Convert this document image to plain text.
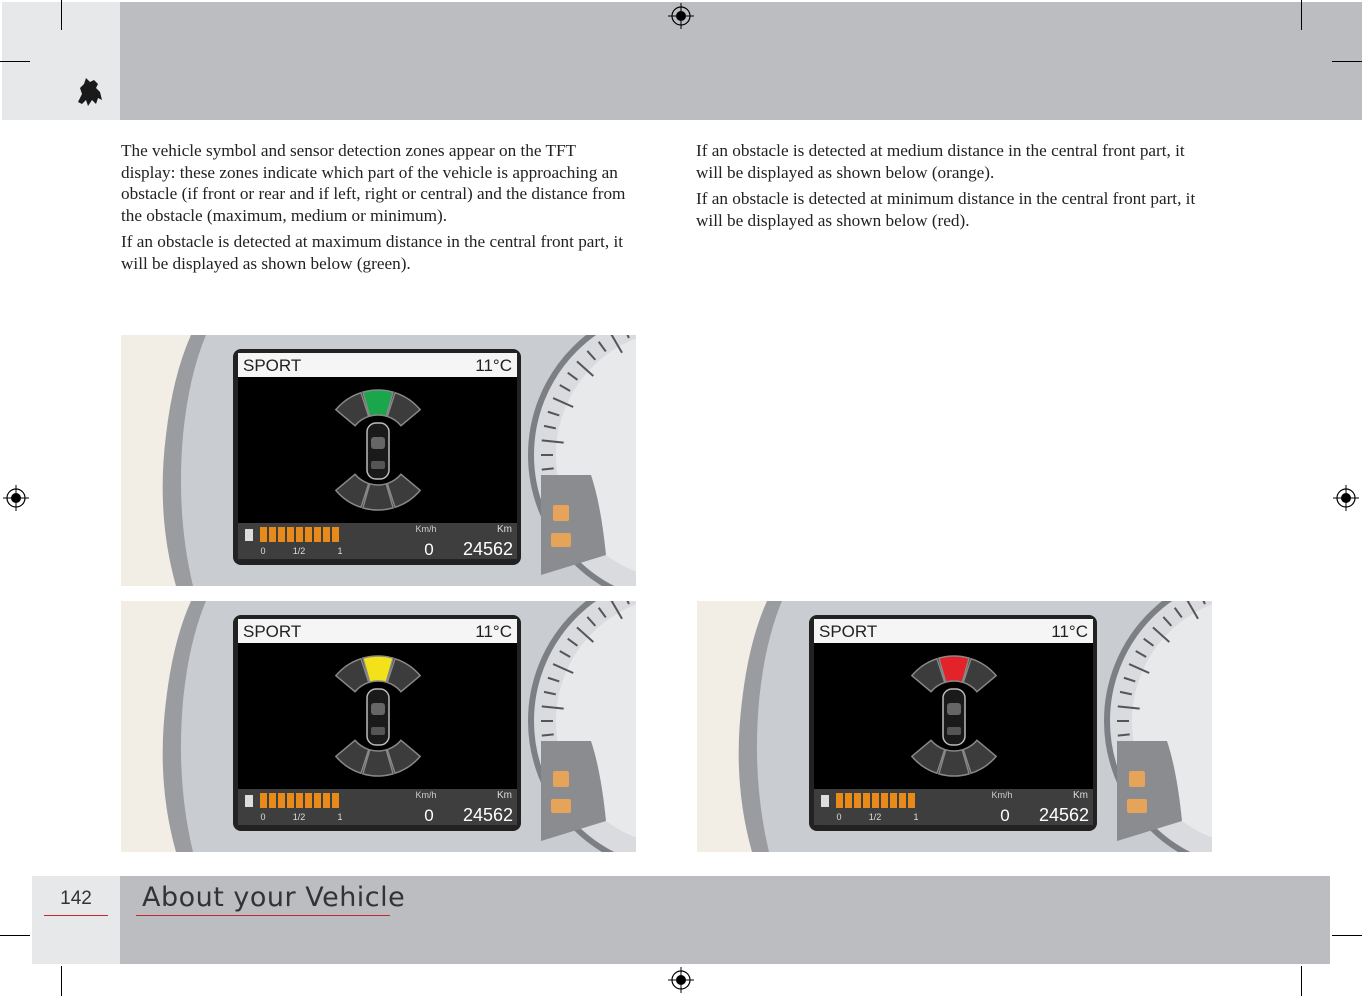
The vehicle symbol and sensor detection zones appear on the TFT display: these zones indicate which part of the vehicle is approaching an obstacle (if front or rear and if left, right or central) and the distance from the obstacle (maximum, medium or minimum).

If an obstacle is detected at maximum distance in the central front part, it will be displayed as shown below (green).

If an obstacle is detected at medium distance in the central front part, it will be displayed as shown below (orange).

If an obstacle is detected at minimum distance in the central front part, it will be displayed as shown below (red).

SPORT	11°C
0	1/2	1
Km/h	Km
0 24562
SPORT	11°C
0	1/2	1
Km/h	Km
0 24562
SPORT	11°C
0	1/2	1
Km/h	Km
0 24562
142	About your Vehicle
